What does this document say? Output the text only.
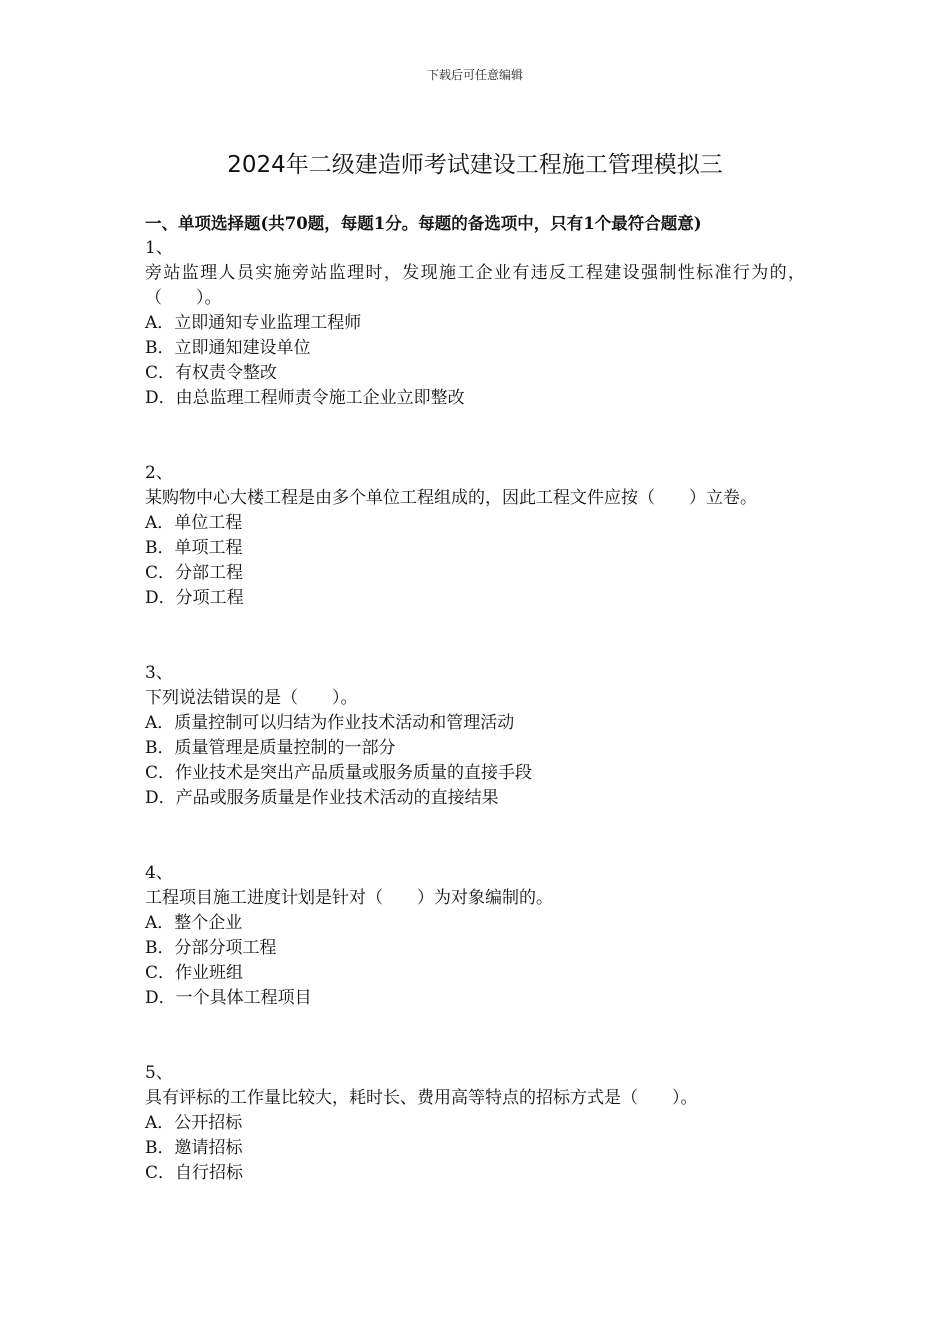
下载后可任意编辑
2024年二级建造师考试建设工程施工管理模拟三
一、单项选择题(共70题，每题1分。每题的备选项中，只有1个最符合题意)
1、
旁站监理人员实施旁站监理时，发现施工企业有违反工程建设强制性标准行为的，（　　）。
A．立即通知专业监理工程师
B．立即通知建设单位
C．有权责令整改
D．由总监理工程师责令施工企业立即整改
2、
某购物中心大楼工程是由多个单位工程组成的，因此工程文件应按（　　）立卷。
A．单位工程
B．单项工程
C．分部工程
D．分项工程
3、
下列说法错误的是（　　）。
A．质量控制可以归结为作业技术活动和管理活动
B．质量管理是质量控制的一部分
C．作业技术是突出产品质量或服务质量的直接手段
D．产品或服务质量是作业技术活动的直接结果
4、
工程项目施工进度计划是针对（　　）为对象编制的。
A．整个企业
B．分部分项工程
C．作业班组
D．一个具体工程项目
5、
具有评标的工作量比较大，耗时长、费用高等特点的招标方式是（　　）。
A．公开招标
B．邀请招标
C．自行招标
